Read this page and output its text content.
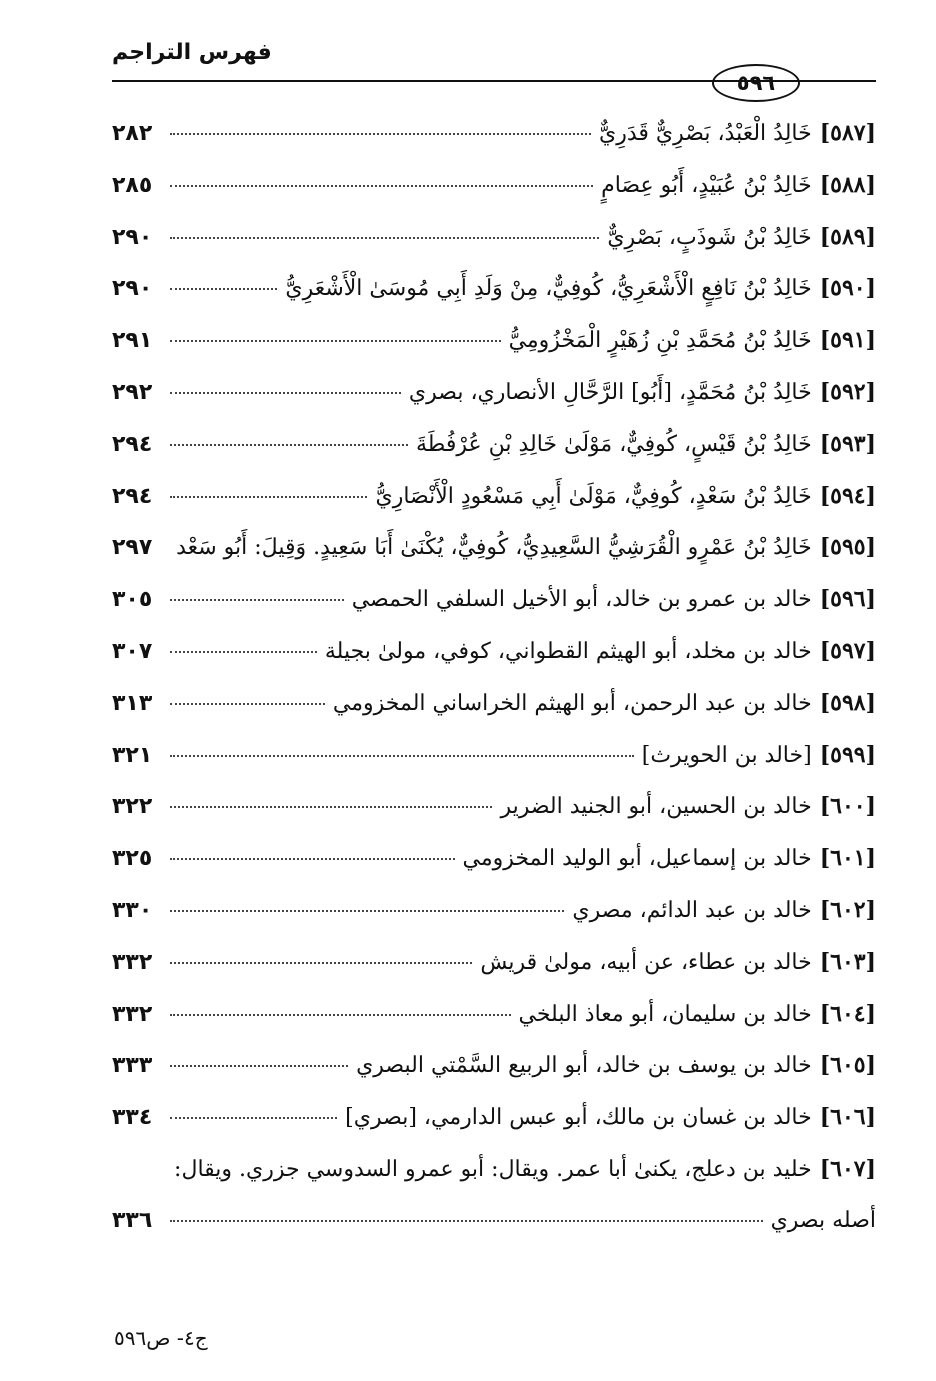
فهرس التراجم
٥٩٦
[٥٨٧]
خَالِدُ الْعَبْدُ، بَصْرِيٌّ قَدَرِيٌّ
٢٨٢
[٥٨٨]
خَالِدُ بْنُ عُبَيْدٍ، أَبُو عِصَامٍ
٢٨٥
[٥٨٩]
خَالِدُ بْنُ شَوذَبٍ، بَصْرِيٌّ
٢٩٠
[٥٩٠]
خَالِدُ بْنُ نَافِعٍ الْأَشْعَرِيُّ، كُوفِيٌّ، مِنْ وَلَدِ أَبِي مُوسَىٰ الْأَشْعَرِيُّ
٢٩٠
[٥٩١]
خَالِدُ بْنُ مُحَمَّدِ بْنِ زُهَيْرٍ الْمَخْزُومِيُّ
٢٩١
[٥٩٢]
خَالِدُ بْنُ مُحَمَّدٍ، [أَبُو] الرَّحَّالِ الأنصاري، بصري
٢٩٢
[٥٩٣]
خَالِدُ بْنُ قَيْسٍ، كُوفِيٌّ، مَوْلَىٰ خَالِدِ بْنِ عُرْفُطَةَ
٢٩٤
[٥٩٤]
خَالِدُ بْنُ سَعْدٍ، كُوفِيٌّ، مَوْلَىٰ أَبِي مَسْعُودٍ الْأَنْصَارِيُّ
٢٩٤
[٥٩٥]
خَالِدُ بْنُ عَمْرٍو الْقُرَشِيُّ السَّعِيدِيُّ، كُوفِيٌّ، يُكْنَىٰ أَبَا سَعِيدٍ. وَقِيلَ: أَبُو سَعْد
٢٩٧
[٥٩٦]
خالد بن عمرو بن خالد، أبو الأخيل السلفي الحمصي
٣٠٥
[٥٩٧]
خالد بن مخلد، أبو الهيثم القطواني، كوفي، مولىٰ بجيلة
٣٠٧
[٥٩٨]
خالد بن عبد الرحمن، أبو الهيثم الخراساني المخزومي
٣١٣
[٥٩٩]
[خالد بن الحويرث]
٣٢١
[٦٠٠]
خالد بن الحسين، أبو الجنيد الضرير
٣٢٢
[٦٠١]
خالد بن إسماعيل، أبو الوليد المخزومي
٣٢٥
[٦٠٢]
خالد بن عبد الدائم، مصري
٣٣٠
[٦٠٣]
خالد بن عطاء، عن أبيه، مولىٰ قريش
٣٣٢
[٦٠٤]
خالد بن سليمان، أبو معاذ البلخي
٣٣٢
[٦٠٥]
خالد بن يوسف بن خالد، أبو الربيع السَّمْتي البصري
٣٣٣
[٦٠٦]
خالد بن غسان بن مالك، أبو عبس الدارمي، [بصري]
٣٣٤
[٦٠٧]
خليد بن دعلج، يكنىٰ أبا عمر. ويقال: أبو عمرو السدوسي جزري. ويقال:
أصله بصري
٣٣٦
ج٤- ص٥٩٦
